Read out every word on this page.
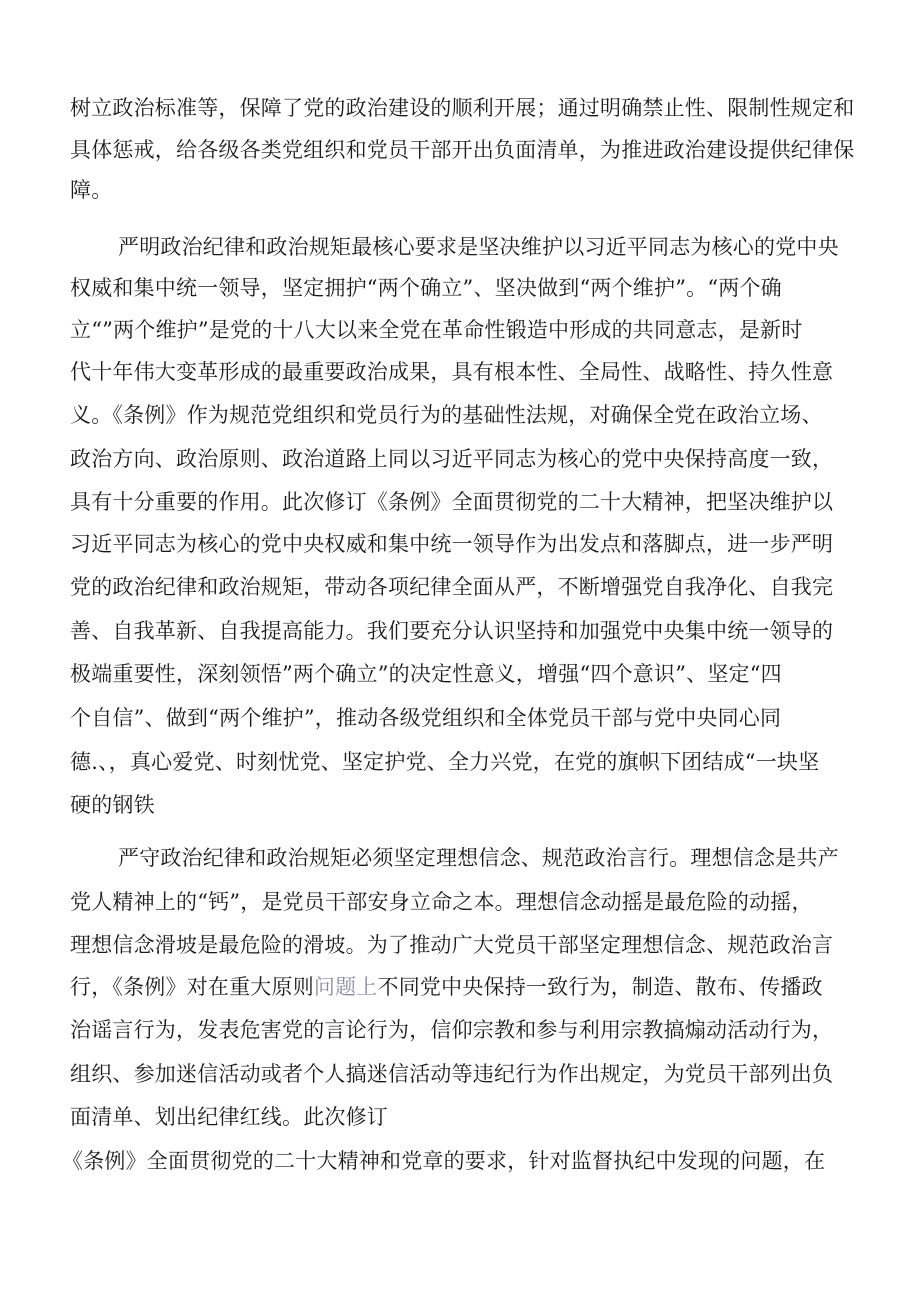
树立政治标准等，保障了党的政治建设的顺利开展；通过明确禁止性、限制性规定和
具体惩戒，给各级各类党组织和党员干部开出负面清单，为推进政治建设提供纪律保
障。
严明政治纪律和政治规矩最核心要求是坚决维护以习近平同志为核心的党中央
权威和集中统一领导，坚定拥护“两个确立”、坚决做到“两个维护”。“两个确
立“”两个维护”是党的十八大以来全党在革命性锻造中形成的共同意志，是新时
代十年伟大变革形成的最重要政治成果，具有根本性、全局性、战略性、持久性意
义。《条例》作为规范党组织和党员行为的基础性法规，对确保全党在政治立场、
政治方向、政治原则、政治道路上同以习近平同志为核心的党中央保持高度一致，
具有十分重要的作用。此次修订《条例》全面贯彻党的二十大精神，把坚决维护以
习近平同志为核心的党中央权威和集中统一领导作为出发点和落脚点，进一步严明
党的政治纪律和政治规矩，带动各项纪律全面从严，不断增强党自我净化、自我完
善、自我革新、自我提高能力。我们要充分认识坚持和加强党中央集中统一领导的
极端重要性，深刻领悟”两个确立”的决定性意义，增强“四个意识”、坚定“四
个自信”、做到“两个维护”，推动各级党组织和全体党员干部与党中央同心同
德.、，真心爱党、时刻忧党、坚定护党、全力兴党，在党的旗帜下团结成“一块坚
硬的钢铁
严守政治纪律和政治规矩必须坚定理想信念、规范政治言行。理想信念是共产
党人精神上的“钙”，是党员干部安身立命之本。理想信念动摇是最危险的动摇，
理想信念滑坡是最危险的滑坡。为了推动广大党员干部坚定理想信念、规范政治言
行，《条例》对在重大原则问题上不同党中央保持一致行为，制造、散布、传播政
治谣言行为，发表危害党的言论行为，信仰宗教和参与利用宗教搞煽动活动行为，
组织、参加迷信活动或者个人搞迷信活动等违纪行为作出规定，为党员干部列出负
面清单、划出纪律红线。此次修订
《条例》全面贯彻党的二十大精神和党章的要求，针对监督执纪中发现的问题，在
